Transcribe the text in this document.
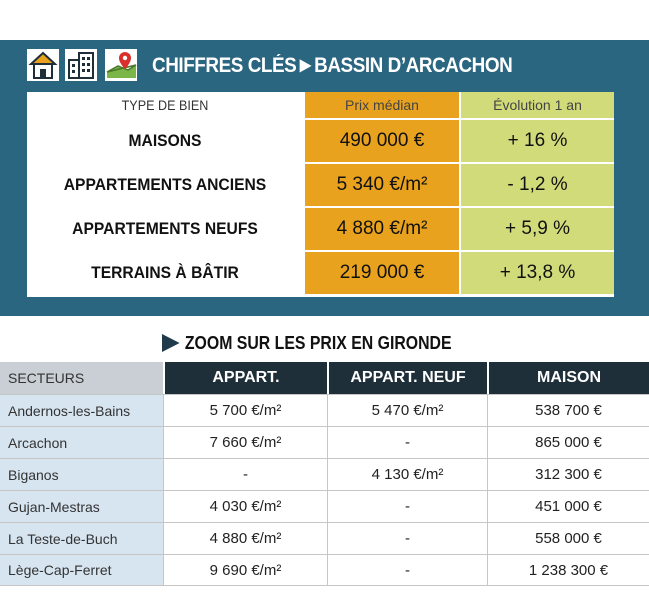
CHIFFRES CLÉS ▶ BASSIN D’ARCACHON
TYPE DE BIEN	Prix médian	Évolution 1 an
MAISONS	490 000 €	+ 16 %
APPARTEMENTS ANCIENS	5 340 €/m²	- 1,2 %
APPARTEMENTS NEUFS	4 880 €/m²	+ 5,9 %
TERRAINS À BÂTIR	219 000 €	+ 13,8 %
ZOOM SUR LES PRIX EN GIRONDE
SECTEURS	APPART.	APPART. NEUF	MAISON
Andernos-les-Bains	5 700 €/m²	5 470 €/m²	538 700 €
Arcachon	7 660 €/m²	-	865 000 €
Biganos	-	4 130 €/m²	312 300 €
Gujan-Mestras	4 030 €/m²	-	451 000 €
La Teste-de-Buch	4 880 €/m²	-	558 000 €
Lège-Cap-Ferret	9 690 €/m²	-	1 238 300 €
